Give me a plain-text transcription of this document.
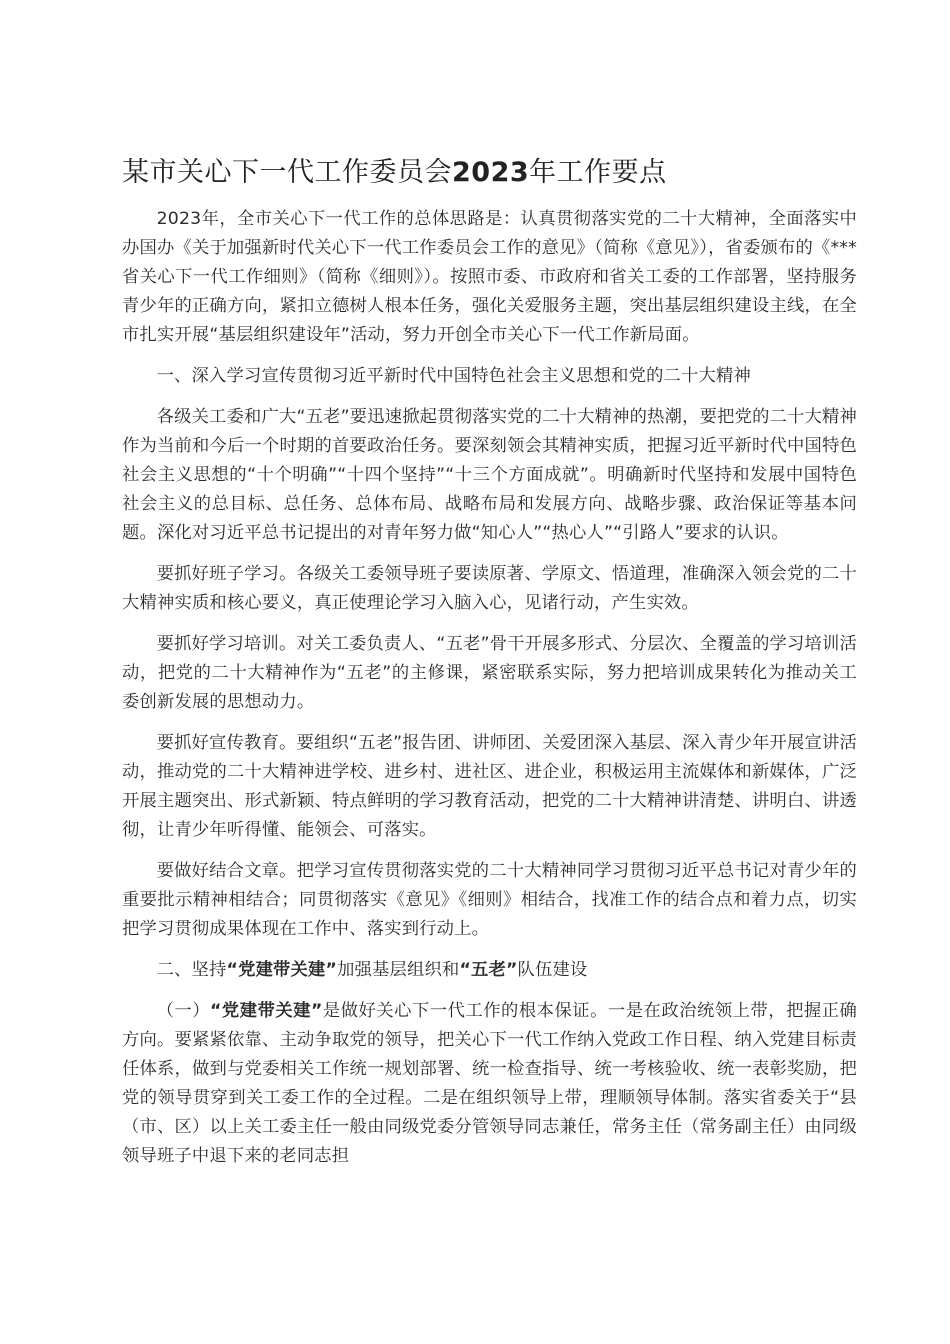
某市关心下一代工作委员会2023年工作要点

2023年，全市关心下一代工作的总体思路是：认真贯彻落实党的二十大精神，全面落实中办国办《关于加强新时代关心下一代工作委员会工作的意见》（简称《意见》），省委颁布的《***省关心下一代工作细则》（简称《细则》）。按照市委、市政府和省关工委的工作部署，坚持服务青少年的正确方向，紧扣立德树人根本任务，强化关爱服务主题，突出基层组织建设主线，在全市扎实开展“基层组织建设年”活动，努力开创全市关心下一代工作新局面。

一、深入学习宣传贯彻习近平新时代中国特色社会主义思想和党的二十大精神

各级关工委和广大“五老”要迅速掀起贯彻落实党的二十大精神的热潮，要把党的二十大精神作为当前和今后一个时期的首要政治任务。要深刻领会其精神实质，把握习近平新时代中国特色社会主义思想的“十个明确”“十四个坚持”“十三个方面成就”。明确新时代坚持和发展中国特色社会主义的总目标、总任务、总体布局、战略布局和发展方向、战略步骤、政治保证等基本问题。深化对习近平总书记提出的对青年努力做“知心人”“热心人”“引路人”要求的认识。

要抓好班子学习。各级关工委领导班子要读原著、学原文、悟道理，准确深入领会党的二十大精神实质和核心要义，真正使理论学习入脑入心，见诸行动，产生实效。

要抓好学习培训。对关工委负责人、“五老”骨干开展多形式、分层次、全覆盖的学习培训活动，把党的二十大精神作为“五老”的主修课，紧密联系实际，努力把培训成果转化为推动关工委创新发展的思想动力。

要抓好宣传教育。要组织“五老”报告团、讲师团、关爱团深入基层、深入青少年开展宣讲活动，推动党的二十大精神进学校、进乡村、进社区、进企业，积极运用主流媒体和新媒体，广泛开展主题突出、形式新颖、特点鲜明的学习教育活动，把党的二十大精神讲清楚、讲明白、讲透彻，让青少年听得懂、能领会、可落实。

要做好结合文章。把学习宣传贯彻落实党的二十大精神同学习贯彻习近平总书记对青少年的重要批示精神相结合；同贯彻落实《意见》《细则》相结合，找准工作的结合点和着力点，切实把学习贯彻成果体现在工作中、落实到行动上。

二、坚持“党建带关建”加强基层组织和“五老”队伍建设

（一）“党建带关建”是做好关心下一代工作的根本保证。一是在政治统领上带，把握正确方向。要紧紧依靠、主动争取党的领导，把关心下一代工作纳入党政工作日程、纳入党建目标责任体系，做到与党委相关工作统一规划部署、统一检查指导、统一考核验收、统一表彰奖励，把党的领导贯穿到关工委工作的全过程。二是在组织领导上带，理顺领导体制。落实省委关于“县（市、区）以上关工委主任一般由同级党委分管领导同志兼任，常务主任（常务副主任）由同级领导班子中退下来的老同志担
